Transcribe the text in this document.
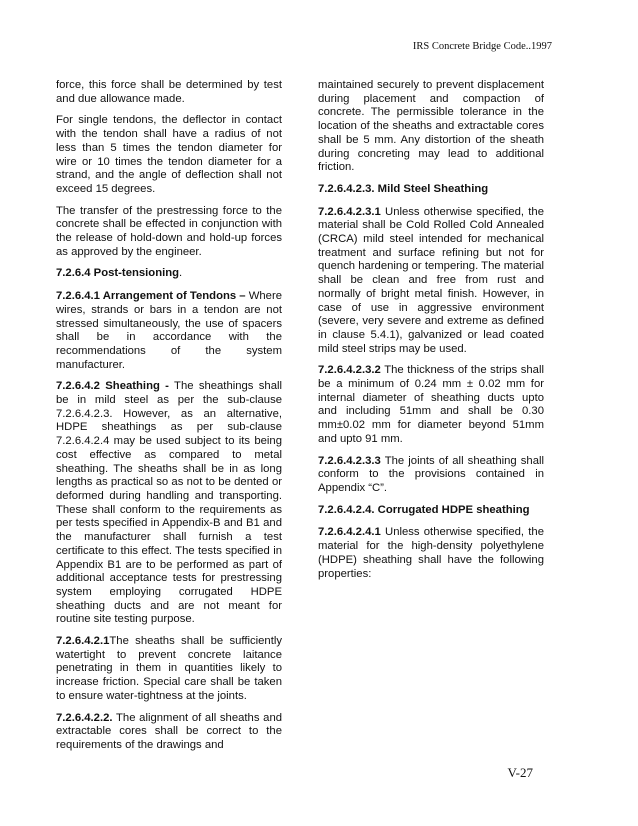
IRS Concrete Bridge Code..1997

force, this force shall be determined by test and due allowance made.

For single tendons, the deflector in contact with the tendon shall have a radius of not less than 5 times the tendon diameter for wire or 10 times the tendon diameter for a strand, and the angle of deflection shall not exceed 15 degrees.

The transfer of the prestressing force to the concrete shall be effected in conjunction with the release of hold-down and hold-up forces as approved by the engineer.

7.2.6.4 Post-tensioning.

7.2.6.4.1 Arrangement of Tendons – Where wires, strands or bars in a tendon are not stressed simultaneously, the use of spacers shall be in accordance with the recommendations of the system manufacturer.

7.2.6.4.2 Sheathing - The sheathings shall be in mild steel as per the sub-clause 7.2.6.4.2.3. However, as an alternative, HDPE sheathings as per sub-clause 7.2.6.4.2.4 may be used subject to its being cost effective as compared to metal sheathing. The sheaths shall be in as long lengths as practical so as not to be dented or deformed during handling and transporting. These shall conform to the requirements as per tests specified in Appendix-B and B1 and the manufacturer shall furnish a test certificate to this effect. The tests specified in Appendix B1 are to be performed as part of additional acceptance tests for prestressing system employing corrugated HDPE sheathing ducts and are not meant for routine site testing purpose.

7.2.6.4.2.1The sheaths shall be sufficiently watertight to prevent concrete laitance penetrating in them in quantities likely to increase friction. Special care shall be taken to ensure water-tightness at the joints.

7.2.6.4.2.2. The alignment of all sheaths and extractable cores shall be correct to the requirements of the drawings and

maintained securely to prevent displacement during placement and compaction of concrete. The permissible tolerance in the location of the sheaths and extractable cores shall be 5 mm. Any distortion of the sheath during concreting may lead to additional friction.

7.2.6.4.2.3. Mild Steel Sheathing

7.2.6.4.2.3.1 Unless otherwise specified, the material shall be Cold Rolled Cold Annealed (CRCA) mild steel intended for mechanical treatment and surface refining but not for quench hardening or tempering. The material shall be clean and free from rust and normally of bright metal finish. However, in case of use in aggressive environment (severe, very severe and extreme as defined in clause 5.4.1), galvanized or lead coated mild steel strips may be used.

7.2.6.4.2.3.2 The thickness of the strips shall be a minimum of 0.24 mm ± 0.02 mm for internal diameter of sheathing ducts upto and including 51mm and shall be 0.30 mm±0.02 mm for diameter beyond 51mm and upto 91 mm.

7.2.6.4.2.3.3 The joints of all sheathing shall conform to the provisions contained in Appendix “C”.

7.2.6.4.2.4. Corrugated HDPE sheathing

7.2.6.4.2.4.1 Unless otherwise specified, the material for the high-density polyethylene (HDPE) sheathing shall have the following properties:

V-27
